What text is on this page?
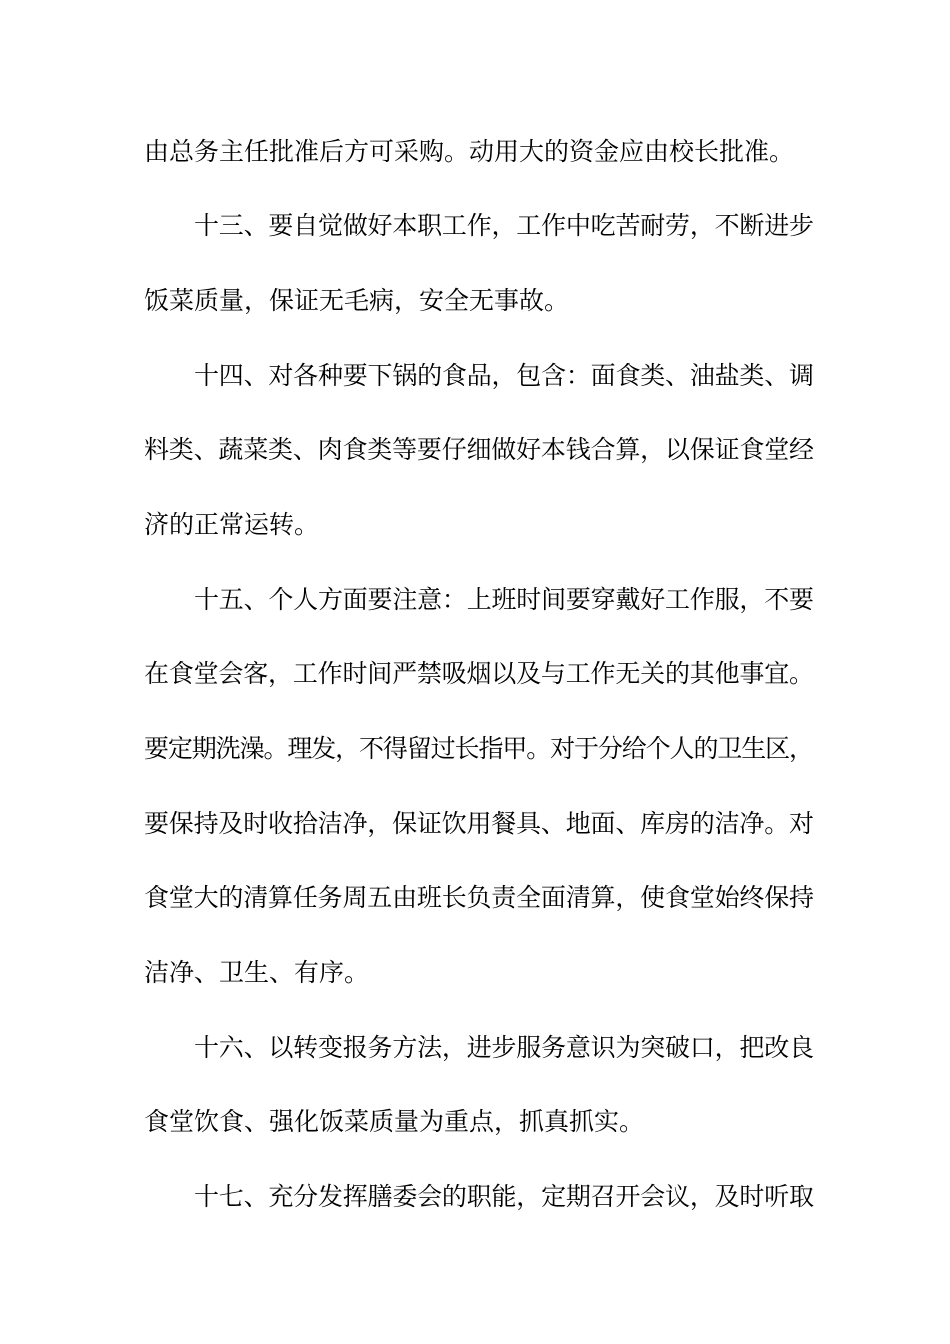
由总务主任批准后方可采购。动用大的资金应由校长批准。
十三、要自觉做好本职工作，工作中吃苦耐劳，不断进步
饭菜质量，保证无毛病，安全无事故。
十四、对各种要下锅的食品，包含：面食类、油盐类、调
料类、蔬菜类、肉食类等要仔细做好本钱合算，以保证食堂经
济的正常运转。
十五、个人方面要注意：上班时间要穿戴好工作服，不要
在食堂会客，工作时间严禁吸烟以及与工作无关的其他事宜。
要定期洗澡。理发，不得留过长指甲。对于分给个人的卫生区，
要保持及时收拾洁净，保证饮用餐具、地面、库房的洁净。对
食堂大的清算任务周五由班长负责全面清算，使食堂始终保持
洁净、卫生、有序。
十六、以转变报务方法，进步服务意识为突破口，把改良
食堂饮食、强化饭菜质量为重点，抓真抓实。
十七、充分发挥膳委会的职能，定期召开会议，及时听取
